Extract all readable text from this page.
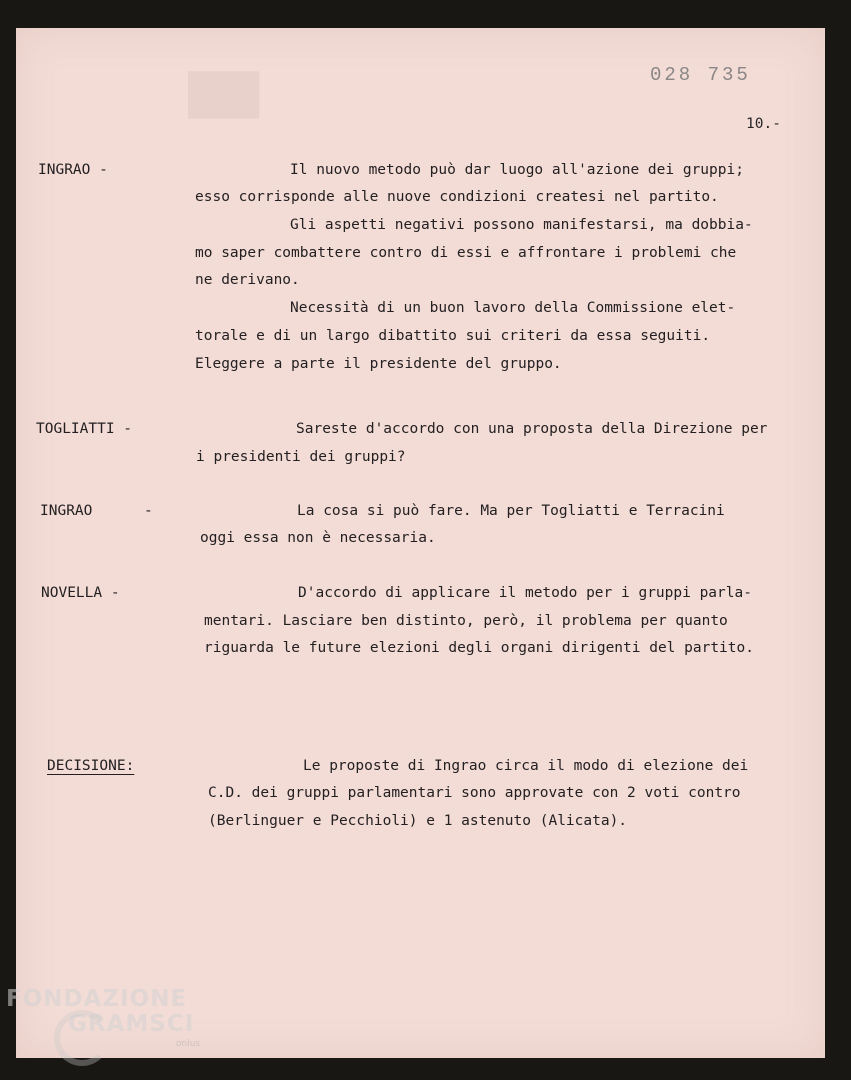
█	028 735
10.-
INGRAO -	Il nuovo metodo può dar luogo all'azione dei gruppi;
esso corrisponde alle nuove condizioni createsi nel partito.
Gli aspetti negativi possono manifestarsi, ma dobbia-
mo saper combattere contro di essi e affrontare i problemi che
ne derivano.
Necessità di un buon lavoro della Commissione elet-
torale e di un largo dibattito sui criteri da essa seguiti.
Eleggere a parte il presidente del gruppo.
TOGLIATTI -	Sareste d'accordo con una proposta della Direzione per
i presidenti dei gruppi?
INGRAO	-	La cosa si può fare. Ma per Togliatti e Terracini
oggi essa non è necessaria.
NOVELLA -	D'accordo di applicare il metodo per i gruppi parla-
mentari. Lasciare ben distinto, però, il problema per quanto
riguarda le future elezioni degli organi dirigenti del partito.
DECISIONE:	Le proposte di Ingrao circa il modo di elezione dei
C.D. dei gruppi parlamentari sono approvate con 2 voti contro
(Berlinguer e Pecchioli) e 1 astenuto (Alicata).
FONDAZIONE
GRAMSCI
onlus
